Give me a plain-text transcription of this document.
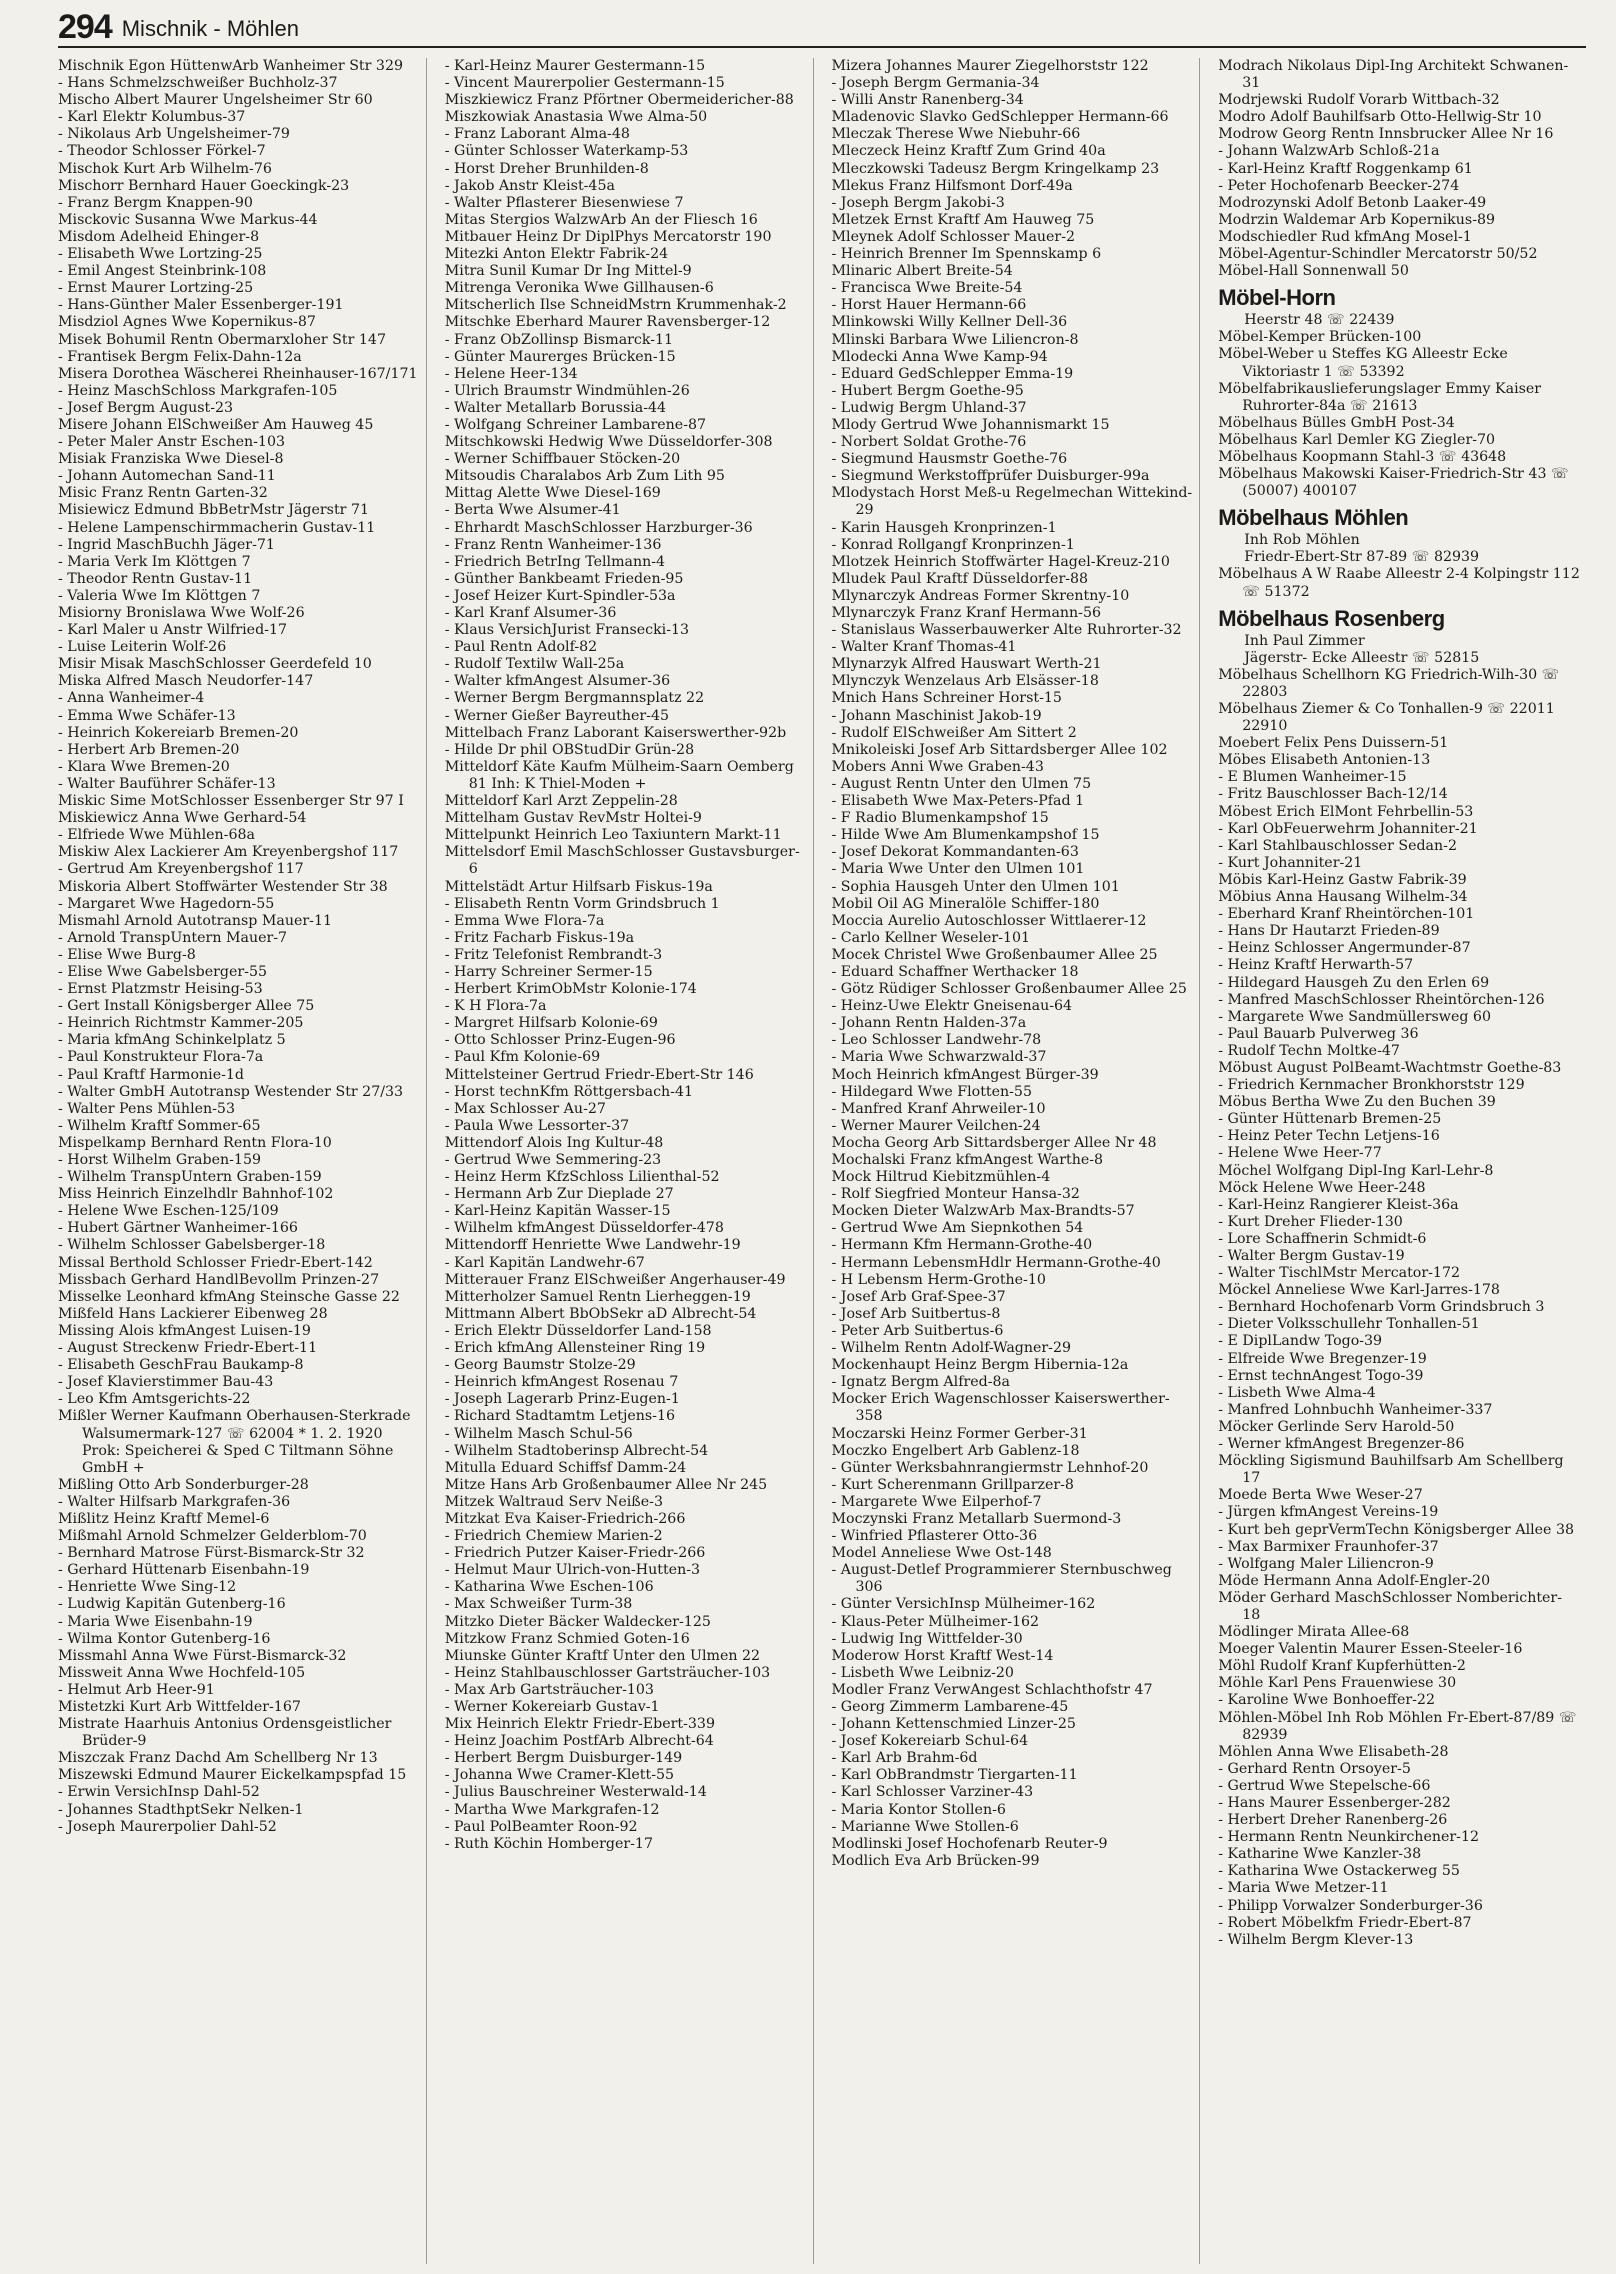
294 Mischnik - Möhlen

Mischnik Egon HüttenwArb Wanheimer Str 329

- Hans Schmelzschweißer Buchholz-37

Mischo Albert Maurer Ungelsheimer Str 60

- Karl Elektr Kolumbus-37

- Nikolaus Arb Ungelsheimer-79

- Theodor Schlosser Förkel-7

Mischok Kurt Arb Wilhelm-76

Mischorr Bernhard Hauer Goeckingk-23

- Franz Bergm Knappen-90

Misckovic Susanna Wwe Markus-44

Misdom Adelheid Ehinger-8

- Elisabeth Wwe Lortzing-25

- Emil Angest Steinbrink-108

- Ernst Maurer Lortzing-25

- Hans-Günther Maler Essenberger-191

Misdziol Agnes Wwe Kopernikus-87

Misek Bohumil Rentn Obermarxloher Str 147

- Frantisek Bergm Felix-Dahn-12a

Misera Dorothea Wäscherei Rheinhauser-167/171

- Heinz MaschSchloss Markgrafen-105

- Josef Bergm August-23

Misere Johann ElSchweißer Am Hauweg 45

- Peter Maler Anstr Eschen-103

Misiak Franziska Wwe Diesel-8

- Johann Automechan Sand-11

Misic Franz Rentn Garten-32

Misiewicz Edmund BbBetrMstr Jägerstr 71

- Helene Lampenschirmmacherin Gustav-11

- Ingrid MaschBuchh Jäger-71

- Maria Verk Im Klöttgen 7

- Theodor Rentn Gustav-11

- Valeria Wwe Im Klöttgen 7

Misiorny Bronislawa Wwe Wolf-26

- Karl Maler u Anstr Wilfried-17

- Luise Leiterin Wolf-26

Misir Misak MaschSchlosser Geerdefeld 10

Miska Alfred Masch Neudorfer-147

- Anna Wanheimer-4

- Emma Wwe Schäfer-13

- Heinrich Kokereiarb Bremen-20

- Herbert Arb Bremen-20

- Klara Wwe Bremen-20

- Walter Bauführer Schäfer-13

Miskic Sime MotSchlosser Essenberger Str 97 I

Miskiewicz Anna Wwe Gerhard-54

- Elfriede Wwe Mühlen-68a

Miskiw Alex Lackierer Am Kreyenbergshof 117

- Gertrud Am Kreyenbergshof 117

Miskoria Albert Stoffwärter Westender Str 38

- Margaret Wwe Hagedorn-55

Mismahl Arnold Autotransp Mauer-11

- Arnold TranspUntern Mauer-7

- Elise Wwe Burg-8

- Elise Wwe Gabelsberger-55

- Ernst Platzmstr Heising-53

- Gert Install Königsberger Allee 75

- Heinrich Richtmstr Kammer-205

- Maria kfmAng Schinkelplatz 5

- Paul Konstrukteur Flora-7a

- Paul Kraftf Harmonie-1d

- Walter GmbH Autotransp Westender Str 27/33

- Walter Pens Mühlen-53

- Wilhelm Kraftf Sommer-65

Mispelkamp Bernhard Rentn Flora-10

- Horst Wilhelm Graben-159

- Wilhelm TranspUntern Graben-159

Miss Heinrich Einzelhdlr Bahnhof-102

- Helene Wwe Eschen-125/109

- Hubert Gärtner Wanheimer-166

- Wilhelm Schlosser Gabelsberger-18

Missal Berthold Schlosser Friedr-Ebert-142

Missbach Gerhard HandlBevollm Prinzen-27

Misselke Leonhard kfmAng Steinsche Gasse 22

Mißfeld Hans Lackierer Eibenweg 28

Missing Alois kfmAngest Luisen-19

- August Streckenw Friedr-Ebert-11

- Elisabeth GeschFrau Baukamp-8

- Josef Klavierstimmer Bau-43

- Leo Kfm Amtsgerichts-22

Mißler Werner Kaufmann Oberhausen-Sterkrade Walsumermark-127 ☏ 62004 * 1. 2. 1920 Prok: Speicherei & Sped C Tiltmann Söhne GmbH +

Mißling Otto Arb Sonderburger-28

- Walter Hilfsarb Markgrafen-36

Mißlitz Heinz Kraftf Memel-6

Mißmahl Arnold Schmelzer Gelderblom-70

- Bernhard Matrose Fürst-Bismarck-Str 32

- Gerhard Hüttenarb Eisenbahn-19

- Henriette Wwe Sing-12

- Ludwig Kapitän Gutenberg-16

- Maria Wwe Eisenbahn-19

- Wilma Kontor Gutenberg-16

Missmahl Anna Wwe Fürst-Bismarck-32

Missweit Anna Wwe Hochfeld-105

- Helmut Arb Heer-91

Mistetzki Kurt Arb Wittfelder-167

Mistrate Haarhuis Antonius Ordensgeistlicher Brüder-9

Miszczak Franz Dachd Am Schellberg Nr 13

Miszewski Edmund Maurer Eickelkampspfad 15

- Erwin VersichInsp Dahl-52

- Johannes StadthptSekr Nelken-1

- Joseph Maurerpolier Dahl-52

- Karl-Heinz Maurer Gestermann-15

- Vincent Maurerpolier Gestermann-15

Miszkiewicz Franz Pförtner Obermeidericher-88

Miszkowiak Anastasia Wwe Alma-50

- Franz Laborant Alma-48

- Günter Schlosser Waterkamp-53

- Horst Dreher Brunhilden-8

- Jakob Anstr Kleist-45a

- Walter Pflasterer Biesenwiese 7

Mitas Stergios WalzwArb An der Fliesch 16

Mitbauer Heinz Dr DiplPhys Mercatorstr 190

Mitezki Anton Elektr Fabrik-24

Mitra Sunil Kumar Dr Ing Mittel-9

Mitrenga Veronika Wwe Gillhausen-6

Mitscherlich Ilse SchneidMstrn Krummenhak-2

Mitschke Eberhard Maurer Ravensberger-12

- Franz ObZollinsp Bismarck-11

- Günter Maurerges Brücken-15

- Helene Heer-134

- Ulrich Braumstr Windmühlen-26

- Walter Metallarb Borussia-44

- Wolfgang Schreiner Lambarene-87

Mitschkowski Hedwig Wwe Düsseldorfer-308

- Werner Schiffbauer Stöcken-20

Mitsoudis Charalabos Arb Zum Lith 95

Mittag Alette Wwe Diesel-169

- Berta Wwe Alsumer-41

- Ehrhardt MaschSchlosser Harzburger-36

- Franz Rentn Wanheimer-136

- Friedrich BetrIng Tellmann-4

- Günther Bankbeamt Frieden-95

- Josef Heizer Kurt-Spindler-53a

- Karl Kranf Alsumer-36

- Klaus VersichJurist Franseckі-13

- Paul Rentn Adolf-82

- Rudolf Textilw Wall-25a

- Walter kfmAngest Alsumer-36

- Werner Bergm Bergmannsplatz 22

- Werner Gießer Bayreuther-45

Mittelbach Franz Laborant Kaiserswerther-92b

- Hilde Dr phil OBStudDir Grün-28

Mitteldorf Käte Kaufm Mülheim-Saarn Oemberg 81 Inh: K Thiel-Moden +

Mitteldorf Karl Arzt Zeppelin-28

Mittelham Gustav RevMstr Holtei-9

Mittelpunkt Heinrich Leo Taxiuntern Markt-11

Mittelsdorf Emil MaschSchlosser Gustavsburger-6

Mittelstädt Artur Hilfsarb Fiskus-19a

- Elisabeth Rentn Vorm Grindsbruch 1

- Emma Wwe Flora-7a

- Fritz Facharb Fiskus-19a

- Fritz Telefonist Rembrandt-3

- Harry Schreiner Sermer-15

- Herbert KrimObMstr Kolonie-174

- K H Flora-7a

- Margret Hilfsarb Kolonie-69

- Otto Schlosser Prinz-Eugen-96

- Paul Kfm Kolonie-69

Mittelsteiner Gertrud Friedr-Ebert-Str 146

- Horst technKfm Röttgersbach-41

- Max Schlosser Au-27

- Paula Wwe Lessorter-37

Mittendorf Alois Ing Kultur-48

- Gertrud Wwe Semmering-23

- Heinz Herm KfzSchloss Lilienthal-52

- Hermann Arb Zur Dieplade 27

- Karl-Heinz Kapitän Wasser-15

- Wilhelm kfmAngest Düsseldorfer-478

Mittendorff Henriette Wwe Landwehr-19

- Karl Kapitän Landwehr-67

Mitterauer Franz ElSchweißer Angerhauser-49

Mitterholzer Samuel Rentn Lierheggen-19

Mittmann Albert BbObSekr aD Albrecht-54

- Erich Elektr Düsseldorfer Land-158

- Erich kfmAng Allensteiner Ring 19

- Georg Baumstr Stolze-29

- Heinrich kfmAngest Rosenau 7

- Joseph Lagerarb Prinz-Eugen-1

- Richard Stadtamtm Letjens-16

- Wilhelm Masch Schul-56

- Wilhelm Stadtoberinsp Albrecht-54

Mitulla Eduard Schiffsf Damm-24

Mitze Hans Arb Großenbaumer Allee Nr 245

Mitzek Waltraud Serv Neiße-3

Mitzkat Eva Kaiser-Friedrich-266

- Friedrich Chemiew Marien-2

- Friedrich Putzer Kaiser-Friedr-266

- Helmut Maur Ulrich-von-Hutten-3

- Katharina Wwe Eschen-106

- Max Schweißer Turm-38

Mitzko Dieter Bäcker Waldecker-125

Mitzkow Franz Schmied Goten-16

Miunske Günter Kraftf Unter den Ulmen 22

- Heinz Stahlbauschlosser Gartsträucher-103

- Max Arb Gartsträucher-103

- Werner Kokereiarb Gustav-1

Mix Heinrich Elektr Friedr-Ebert-339

- Heinz Joachim PostfArb Albrecht-64

- Herbert Bergm Duisburger-149

- Johanna Wwe Cramer-Klett-55

- Julius Bauschreiner Westerwald-14

- Martha Wwe Markgrafen-12

- Paul PolBeamter Roon-92

- Ruth Köchin Homberger-17

Mizera Johannes Maurer Ziegelhorststr 122

- Joseph Bergm Germania-34

- Willi Anstr Ranenberg-34

Mladenovic Slavko GedSchlepper Hermann-66

Mleczak Therese Wwe Niebuhr-66

Mleczeck Heinz Kraftf Zum Grind 40a

Mleczkowski Tadeusz Bergm Kringelkamp 23

Mlekus Franz Hilfsmont Dorf-49a

- Joseph Bergm Jakobi-3

Mletzek Ernst Kraftf Am Hauweg 75

Mleynek Adolf Schlosser Mauer-2

- Heinrich Brenner Im Spennskamp 6

Mlinaric Albert Breite-54

- Francisca Wwe Breite-54

- Horst Hauer Hermann-66

Mlinkowski Willy Kellner Dell-36

Mlinski Barbara Wwe Liliencron-8

Mlodecki Anna Wwe Kamp-94

- Eduard GedSchlepper Emma-19

- Hubert Bergm Goethe-95

- Ludwig Bergm Uhland-37

Mlody Gertrud Wwe Johannismarkt 15

- Norbert Soldat Grothe-76

- Siegmund Hausmstr Goethe-76

- Siegmund Werkstoffprüfer Duisburger-99a

Mlodystach Horst Meß-u Regelmechan Wittekind-29

- Karin Hausgeh Kronprinzen-1

- Konrad Rollgangf Kronprinzen-1

Mlotzek Heinrich Stoffwärter Hagel-Kreuz-210

Mludek Paul Kraftf Düsseldorfer-88

Mlynarczyk Andreas Former Skrentny-10

Mlynarczyk Franz Kranf Hermann-56

- Stanislaus Wasserbauwerker Alte Ruhrorter-32

- Walter Kranf Thomas-41

Mlynarzyk Alfred Hauswart Werth-21

Mlynczyk Wenzelaus Arb Elsässer-18

Mnich Hans Schreiner Horst-15

- Johann Maschinist Jakob-19

- Rudolf ElSchweißer Am Sittert 2

Mnikoleiski Josef Arb Sittardsberger Allee 102

Mobers Anni Wwe Graben-43

- August Rentn Unter den Ulmen 75

- Elisabeth Wwe Max-Peters-Pfad 1

- F Radio Blumenkampshof 15

- Hilde Wwe Am Blumenkampshof 15

- Josef Dekorat Kommandanten-63

- Maria Wwe Unter den Ulmen 101

- Sophia Hausgeh Unter den Ulmen 101

Mobil Oil AG Mineralöle Schiffer-180

Moccia Aurelio Autoschlosser Wittlaerer-12

- Carlo Kellner Weseler-101

Mocek Christel Wwe Großenbaumer Allee 25

- Eduard Schaffner Werthacker 18

- Götz Rüdiger Schlosser Großenbaumer Allee 25

- Heinz-Uwe Elektr Gneisenau-64

- Johann Rentn Halden-37a

- Leo Schlosser Landwehr-78

- Maria Wwe Schwarzwald-37

Moch Heinrich kfmAngest Bürger-39

- Hildegard Wwe Flotten-55

- Manfred Kranf Ahrweiler-10

- Werner Maurer Veilchen-24

Mocha Georg Arb Sittardsberger Allee Nr 48

Mochalski Franz kfmAngest Warthe-8

Mock Hiltrud Kiebitzmühlen-4

- Rolf Siegfried Monteur Hansa-32

Mocken Dieter WalzwArb Max-Brandts-57

- Gertrud Wwe Am Siepnkothen 54

- Hermann Kfm Hermann-Grothe-40

- Hermann LebensmHdlr Hermann-Grothe-40

- H Lebensm Herm-Grothe-10

- Josef Arb Graf-Spee-37

- Josef Arb Suitbertus-8

- Peter Arb Suitbertus-6

- Wilhelm Rentn Adolf-Wagner-29

Mockenhaupt Heinz Bergm Hibernia-12a

- Ignatz Bergm Alfred-8a

Mocker Erich Wagenschlosser Kaiserswerther-358

Moczarski Heinz Former Gerber-31

Moczko Engelbert Arb Gablenz-18

- Günter Werksbahnrangiermstr Lehnhof-20

- Kurt Scherenmann Grillparzer-8

- Margarete Wwe Eilperhof-7

Moczynski Franz Metallarb Suermond-3

- Winfried Pflasterer Otto-36

Model Anneliese Wwe Ost-148

- August-Detlef Programmierer Sternbuschweg 306

- Günter VersichInsp Mülheimer-162

- Klaus-Peter Mülheimer-162

- Ludwig Ing Wittfelder-30

Moderow Horst Kraftf West-14

- Lisbeth Wwe Leibniz-20

Modler Franz VerwAngest Schlachthofstr 47

- Georg Zimmerm Lambarene-45

- Johann Kettenschmied Linzer-25

- Josef Kokereiarb Schul-64

- Karl Arb Brahm-6d

- Karl ObBrandmstr Tiergarten-11

- Karl Schlosser Varziner-43

- Maria Kontor Stollen-6

- Marianne Wwe Stollen-6

Modlinski Josef Hochofenarb Reuter-9

Modlich Eva Arb Brücken-99

Modrach Nikolaus Dipl-Ing Architekt Schwanen-31

Modrjewski Rudolf Vorarb Wittbach-32

Modro Adolf Bauhilfsarb Otto-Hellwig-Str 10

Modrow Georg Rentn Innsbrucker Allee Nr 16

- Johann WalzwArb Schloß-21a

- Karl-Heinz Kraftf Roggenkamp 61

- Peter Hochofenarb Beecker-274

Modrozynski Adolf Betonb Laaker-49

Modrzin Waldemar Arb Kopernikus-89

Modschiedler Rud kfmAng Mosel-1

Möbel-Agentur-Schindler Mercatorstr 50/52

Möbel-Hall Sonnenwall 50

Möbel-Horn

Heerstr 48 ☏ 22439

Möbel-Kemper Brücken-100

Möbel-Weber u Steffes KG Alleestr Ecke Viktoriastr 1 ☏ 53392

Möbelfabrikauslieferungslager Emmy Kaiser Ruhrorter-84a ☏ 21613

Möbelhaus Bülles GmbH Post-34

Möbelhaus Karl Demler KG Ziegler-70

Möbelhaus Koopmann Stahl-3 ☏ 43648

Möbelhaus Makowski Kaiser-Friedrich-Str 43 ☏ (50007) 400107

Möbelhaus Möhlen

Inh Rob Möhlen

Friedr-Ebert-Str 87-89 ☏ 82939

Möbelhaus A W Raabe Alleestr 2-4 Kolpingstr 112 ☏ 51372

Möbelhaus Rosenberg

Inh Paul Zimmer

Jägerstr- Ecke Alleestr ☏ 52815

Möbelhaus Schellhorn KG Friedrich-Wilh-30 ☏ 22803

Möbelhaus Ziemer & Co Tonhallen-9 ☏ 22011 22910

Moebert Felix Pens Duissern-51

Möbes Elisabeth Antonien-13

- E Blumen Wanheimer-15

- Fritz Bauschlosser Bach-12/14

Möbest Erich ElMont Fehrbellin-53

- Karl ObFeuerwehrm Johanniter-21

- Karl Stahlbauschlosser Sedan-2

- Kurt Johanniter-21

Möbis Karl-Heinz Gastw Fabrik-39

Möbius Anna Hausang Wilhelm-34

- Eberhard Kranf Rheintörchen-101

- Hans Dr Hautarzt Frieden-89

- Heinz Schlosser Angermunder-87

- Heinz Kraftf Herwarth-57

- Hildegard Hausgeh Zu den Erlen 69

- Manfred MaschSchlosser Rheintörchen-126

- Margarete Wwe Sandmüllersweg 60

- Paul Bauarb Pulverweg 36

- Rudolf Techn Moltke-47

Möbust August PolBeamt-Wachtmstr Goethe-83

- Friedrich Kernmacher Bronkhorststr 129

Möbus Bertha Wwe Zu den Buchen 39

- Günter Hüttenarb Bremen-25

- Heinz Peter Techn Letjens-16

- Helene Wwe Heer-77

Möchel Wolfgang Dipl-Ing Karl-Lehr-8

Möck Helene Wwe Heer-248

- Karl-Heinz Rangierer Kleist-36a

- Kurt Dreher Flieder-130

- Lore Schaffnerin Schmidt-6

- Walter Bergm Gustav-19

- Walter TischlMstr Mercator-172

Möckel Anneliese Wwe Karl-Jarres-178

- Bernhard Hochofenarb Vorm Grindsbruch 3

- Dieter Volksschullehr Tonhallen-51

- E DiplLandw Togo-39

- Elfreide Wwe Bregenzer-19

- Ernst technAngest Togo-39

- Lisbeth Wwe Alma-4

- Manfred Lohnbuchh Wanheimer-337

Möcker Gerlinde Serv Harold-50

- Werner kfmAngest Bregenzer-86

Möckling Sigismund Bauhilfsarb Am Schellberg 17

Moede Berta Wwe Weser-27

- Jürgen kfmAngest Vereins-19

- Kurt beh geprVermTechn Königsberger Allee 38

- Max Barmixer Fraunhofer-37

- Wolfgang Maler Liliencron-9

Möde Hermann Anna Adolf-Engler-20

Möder Gerhard MaschSchlosser Nomberichter-18

Mödlinger Mirata Allee-68

Moeger Valentin Maurer Essen-Steeler-16

Möhl Rudolf Kranf Kupferhütten-2

Möhle Karl Pens Frauenwiese 30

- Karoline Wwe Bonhoeffer-22

Möhlen-Möbel Inh Rob Möhlen Fr-Ebert-87/89 ☏ 82939

Möhlen Anna Wwe Elisabeth-28

- Gerhard Rentn Orsoyer-5

- Gertrud Wwe Stepelsche-66

- Hans Maurer Essenberger-282

- Herbert Dreher Ranenberg-26

- Hermann Rentn Neunkirchener-12

- Katharine Wwe Kanzler-38

- Katharina Wwe Ostackerweg 55

- Maria Wwe Metzer-11

- Philipp Vorwalzer Sonderburger-36

- Robert Möbelkfm Friedr-Ebert-87

- Wilhelm Bergm Klever-13
